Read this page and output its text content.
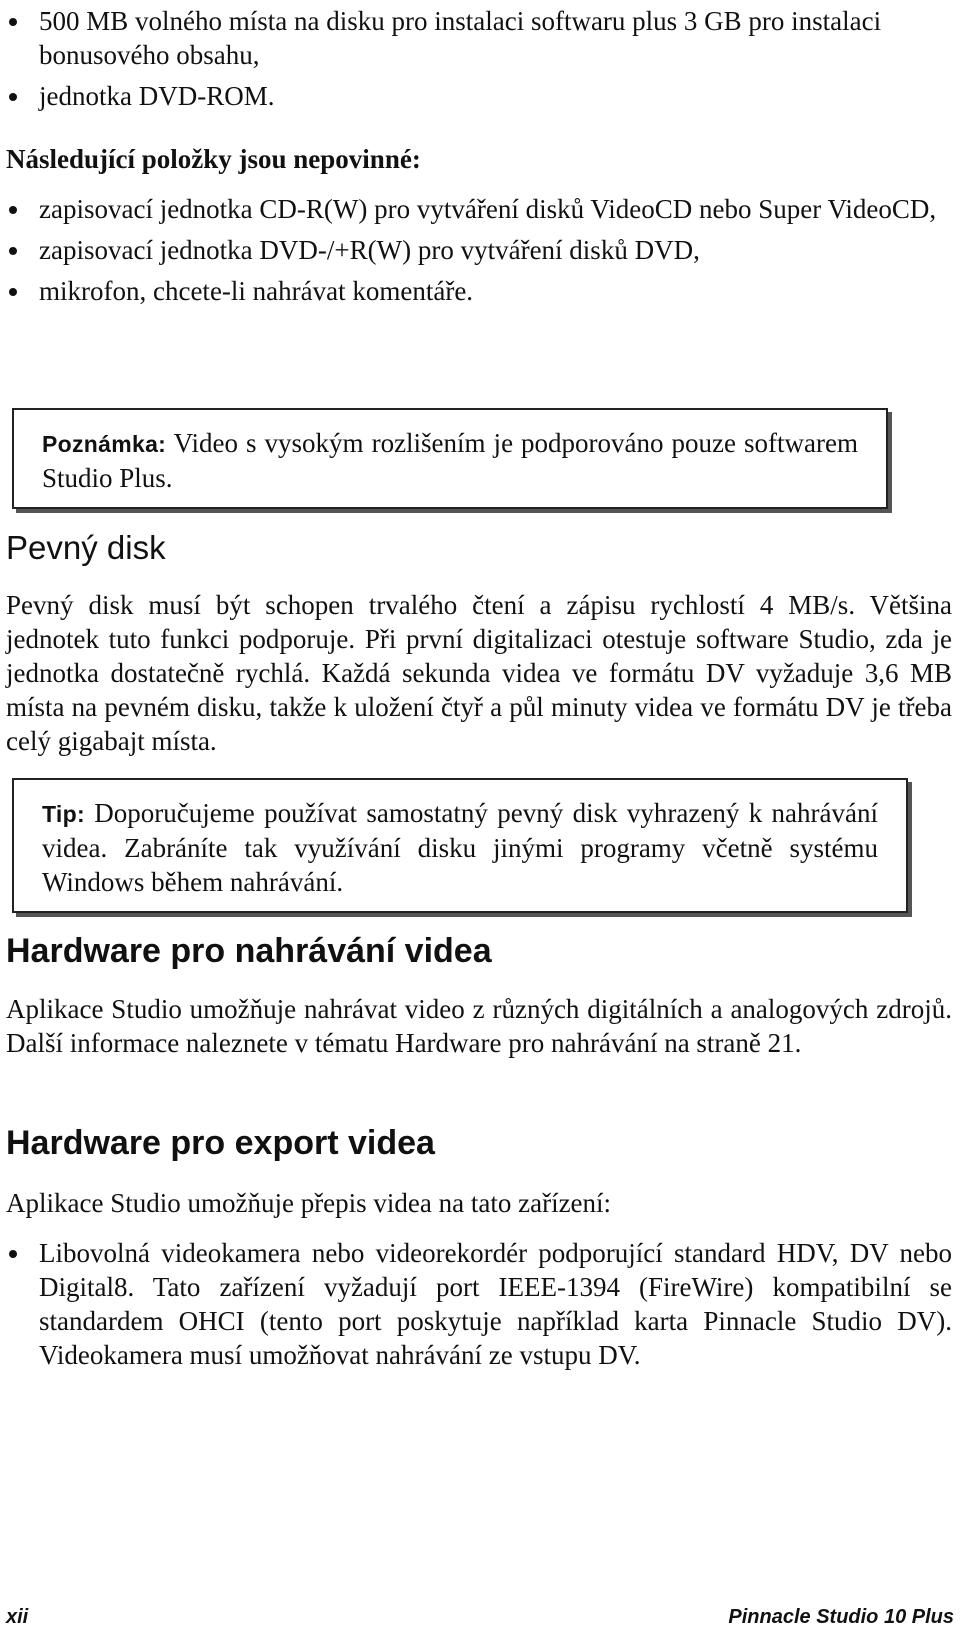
500 MB volného místa na disku pro instalaci softwaru plus 3 GB pro instalaci bonusového obsahu,
jednotka DVD-ROM.
Následující položky jsou nepovinné:
zapisovací jednotka CD-R(W) pro vytváření disků VideoCD nebo Super VideoCD,
zapisovací jednotka DVD-/+R(W) pro vytváření disků DVD,
mikrofon, chcete-li nahrávat komentáře.
Poznámka: Video s vysokým rozlišením je podporováno pouze softwarem Studio Plus.
Pevný disk
Pevný disk musí být schopen trvalého čtení a zápisu rychlostí 4 MB/s. Většina jednotek tuto funkci podporuje. Při první digitalizaci otestuje software Studio, zda je jednotka dostatečně rychlá. Každá sekunda videa ve formátu DV vyžaduje 3,6 MB místa na pevném disku, takže k uložení čtyř a půl minuty videa ve formátu DV je třeba celý gigabajt místa.
Tip: Doporučujeme používat samostatný pevný disk vyhrazený k nahrávání videa. Zabráníte tak využívání disku jinými programy včetně systému Windows během nahrávání.
Hardware pro nahrávání videa
Aplikace Studio umožňuje nahrávat video z různých digitálních a analogových zdrojů. Další informace naleznete v tématu Hardware pro nahrávání na straně 21.
Hardware pro export videa
Aplikace Studio umožňuje přepis videa na tato zařízení:
Libovolná videokamera nebo videorekordér podporující standard HDV, DV nebo Digital8. Tato zařízení vyžadují port IEEE-1394 (FireWire) kompatibilní se standardem OHCI (tento port poskytuje například karta Pinnacle Studio DV). Videokamera musí umožňovat nahrávání ze vstupu DV.
xii	Pinnacle Studio 10 Plus
